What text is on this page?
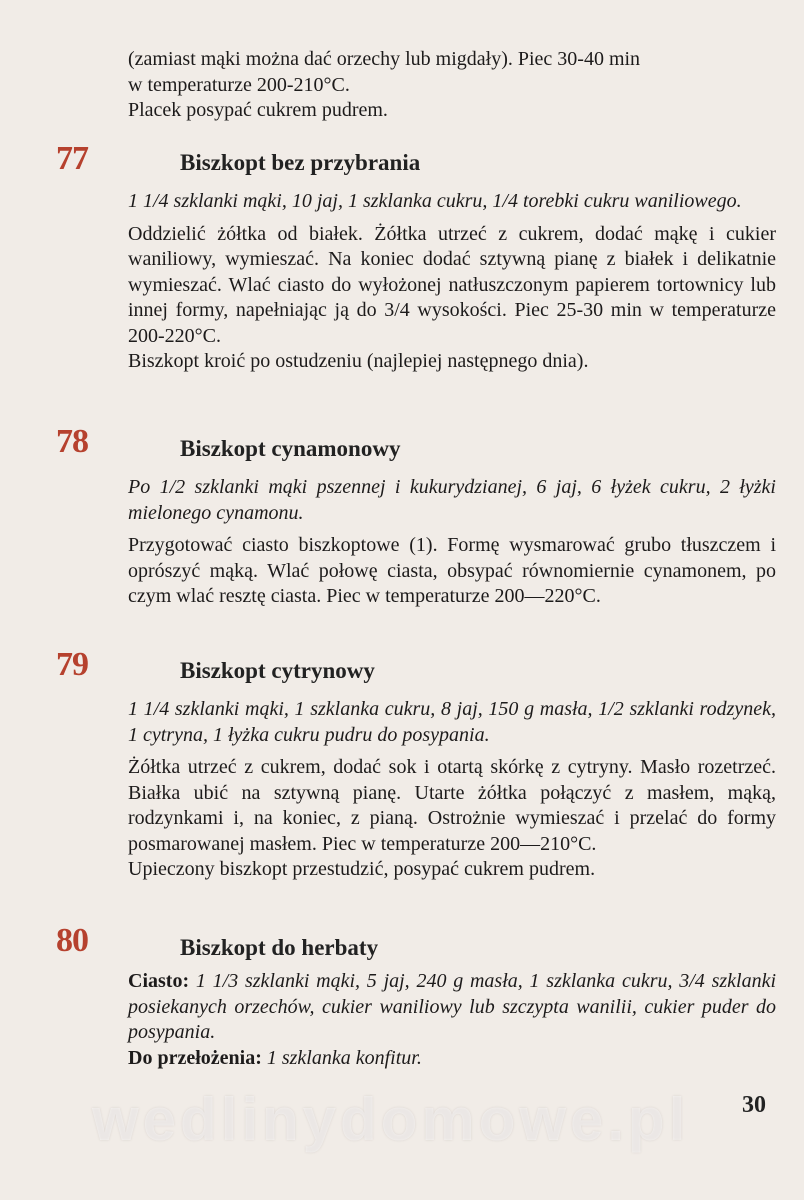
(zamiast mąki można dać orzechy lub migdały). Piec 30-40 min

w temperaturze 200-210°C.

Placek posypać cukrem pudrem.

77	Biszkopt bez przybrania

1 1/4 szklanki mąki, 10 jaj, 1 szklanka cukru, 1/4 torebki cukru waniliowego.

Oddzielić żółtka od białek. Żółtka utrzeć z cukrem, dodać mąkę i cukier waniliowy, wymieszać. Na koniec dodać sztywną pianę z białek i delikatnie wymieszać. Wlać ciasto do wyłożonej natłuszczonym papierem tortownicy lub innej formy, napełniając ją do 3/4 wysokości. Piec 25-30 min w temperaturze 200-220°C.

Biszkopt kroić po ostudzeniu (najlepiej następnego dnia).

78	Biszkopt cynamonowy

Po 1/2 szklanki mąki pszennej i kukurydzianej, 6 jaj, 6 łyżek cukru, 2 łyżki mielonego cynamonu.

Przygotować ciasto biszkoptowe (1). Formę wysmarować grubo tłuszczem i oprószyć mąką. Wlać połowę ciasta, obsypać równomiernie cynamonem, po czym wlać resztę ciasta. Piec w temperaturze 200—220°C.

79	Biszkopt cytrynowy

1 1/4 szklanki mąki, 1 szklanka cukru, 8 jaj, 150 g masła, 1/2 szklanki rodzynek, 1 cytryna, 1 łyżka cukru pudru do posypania.

Żółtka utrzeć z cukrem, dodać sok i otartą skórkę z cytryny. Masło rozetrzeć. Białka ubić na sztywną pianę. Utarte żółtka połączyć z masłem, mąką, rodzynkami i, na koniec, z pianą. Ostrożnie wymieszać i przelać do formy posmarowanej masłem. Piec w temperaturze 200—210°C.

Upieczony biszkopt przestudzić, posypać cukrem pudrem.

80	Biszkopt do herbaty

Ciasto: 1 1/3 szklanki mąki, 5 jaj, 240 g masła, 1 szklanka cukru, 3/4 szklanki posiekanych orzechów, cukier waniliowy lub szczypta wanilii, cukier puder do posypania.

Do przełożenia: 1 szklanka konfitur.

wedlinydomowe.pl	30
